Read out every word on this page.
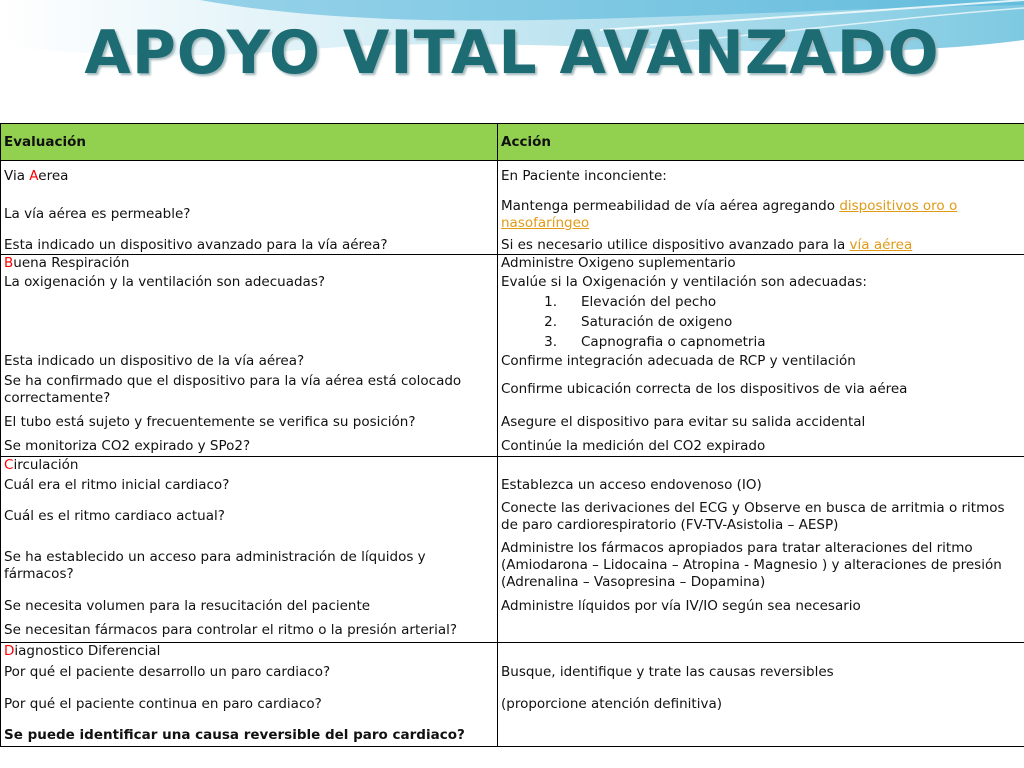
APOYO VITAL AVANZADO
Evaluación	Acción
Via Aerea	En Paciente inconciente:
La vía aérea es permeable?	Mantenga permeabilidad de vía aérea agregando dispositivos oro o nasofaríngeo
Esta indicado un dispositivo avanzado para la vía aérea?	Si es necesario utilice dispositivo avanzado para la vía aérea
Buena Respiración	Administre Oxigeno suplementario
La oxigenación y la ventilación son adecuadas?	Evalúe si la Oxigenación y ventilación son adecuadas:
	1. Elevación del pecho
	2. Saturación de oxigeno
	3. Capnografia o capnometria
Esta indicado un dispositivo de la vía aérea?	Confirme integración adecuada de RCP y ventilación
Se ha confirmado que el dispositivo para la vía aérea está colocado correctamente?	Confirme ubicación correcta de los dispositivos de via aérea
El tubo está sujeto y frecuentemente se verifica su posición?	Asegure el dispositivo para evitar su salida accidental
Se monitoriza CO2 expirado y SPo2?	Continúe la medición del CO2 expirado
Circulación	
Cuál era el ritmo inicial cardiaco?	Establezca un acceso endovenoso (IO)
Cuál es el ritmo cardiaco actual?	Conecte las derivaciones del ECG y Observe en busca de arritmia o ritmos de paro cardiorespiratorio (FV-TV-Asistolia – AESP)
Se ha establecido un acceso para administración de líquidos y fármacos?	Administre los fármacos apropiados para tratar alteraciones del ritmo (Amiodarona – Lidocaina – Atropina - Magnesio ) y alteraciones de presión (Adrenalina – Vasopresina – Dopamina)
Se necesita volumen para la resucitación del paciente	Administre líquidos por vía IV/IO según sea necesario
Se necesitan fármacos para controlar el ritmo o la presión arterial?	
Diagnostico Diferencial	
Por qué el paciente desarrollo un paro cardiaco?	Busque, identifique y trate las causas reversibles
Por qué el paciente continua en paro cardiaco?	(proporcione atención definitiva)
Se puede identificar una causa reversible del paro cardiaco?	
